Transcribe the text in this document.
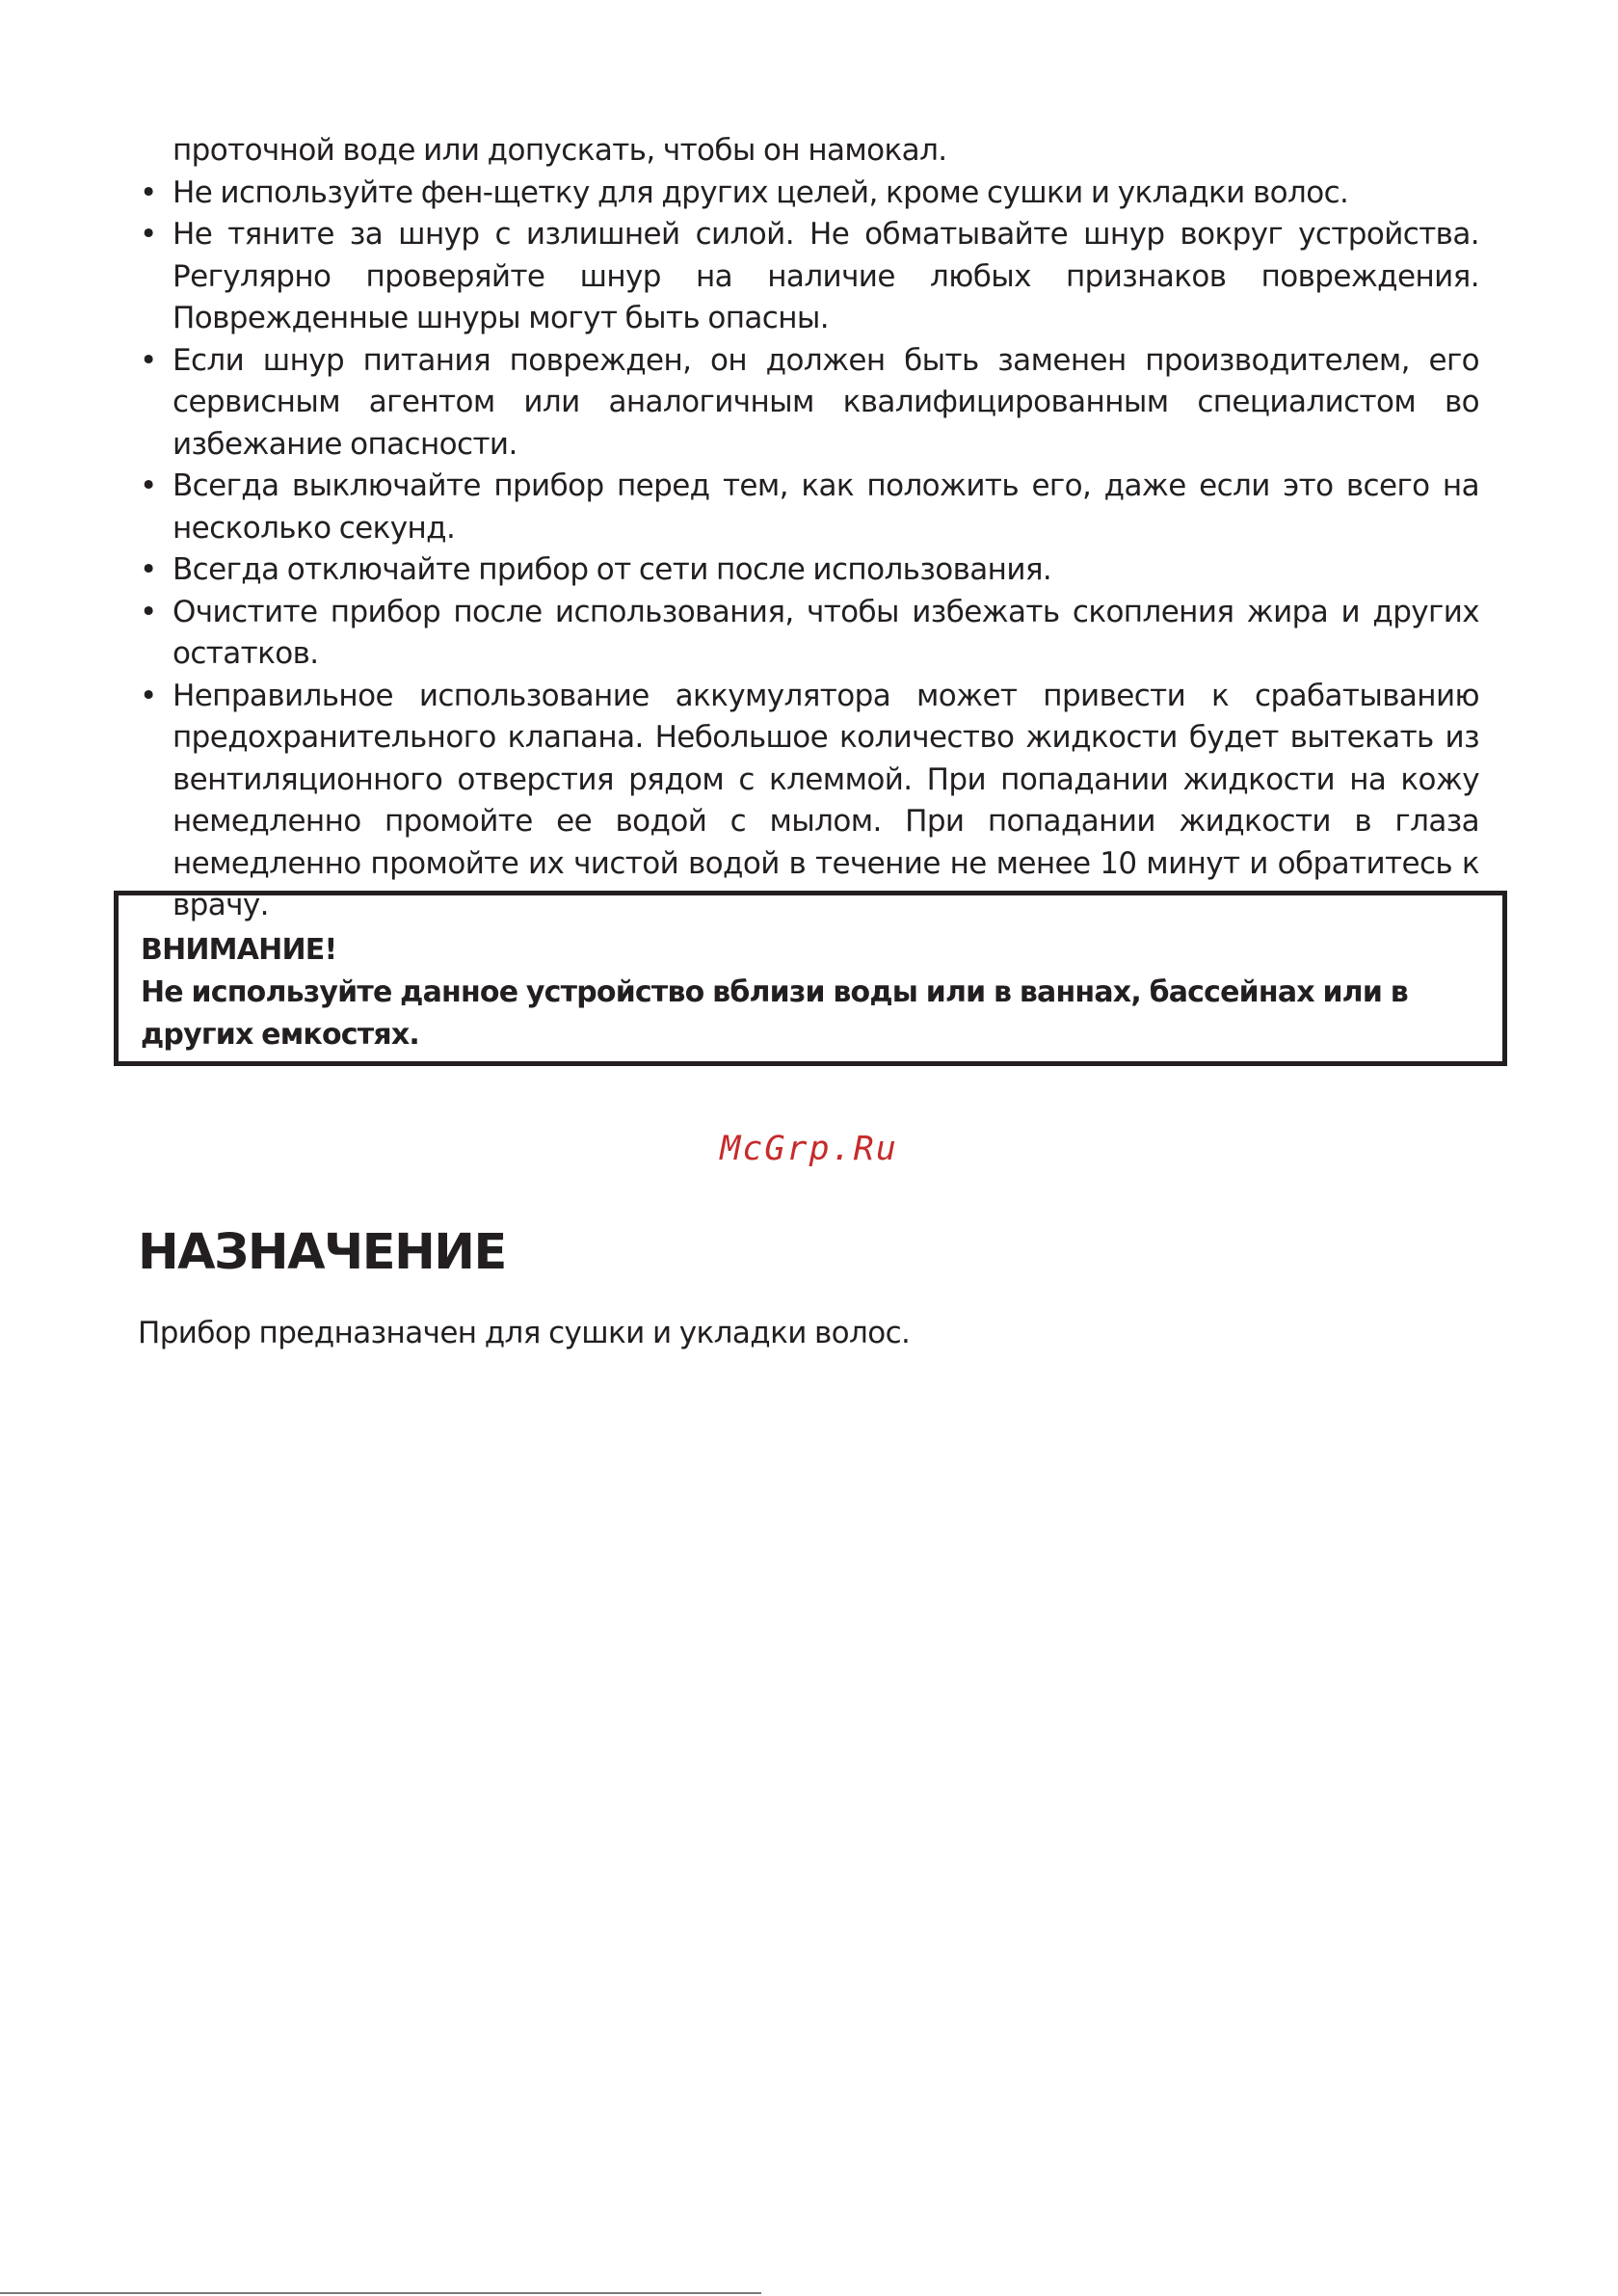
проточной воде или допускать, чтобы он намокал.

• Не используйте фен-щетку для других целей, кроме сушки и укладки волос.
• Не тяните за шнур с излишней силой. Не обматывайте шнур вокруг устройства. Регулярно проверяйте шнур на наличие любых признаков повреждения. Поврежденные шнуры могут быть опасны.
• Если шнур питания поврежден, он должен быть заменен производителем, его сервисным агентом или аналогичным квалифицированным специалистом во избежание опасности.
• Всегда выключайте прибор перед тем, как положить его, даже если это всего на несколько секунд.
• Всегда отключайте прибор от сети после использования.
• Очистите прибор после использования, чтобы избежать скопления жира и других остатков.
• Неправильное использование аккумулятора может привести к срабатыванию предохранительного клапана. Небольшое количество жидкости будет вытекать из вентиляционного отверстия рядом с клеммой. При попадании жидкости на кожу немедленно промойте ее водой с мылом. При попадании жидкости в глаза немедленно промойте их чистой водой в течение не менее 10 минут и обратитесь к врачу.

ВНИМАНИЕ!

Не используйте данное устройство вблизи воды или в ваннах, бассейнах или в других емкостях.

McGrp.Ru
НАЗНАЧЕНИЕ

Прибор предназначен для сушки и укладки волос.
